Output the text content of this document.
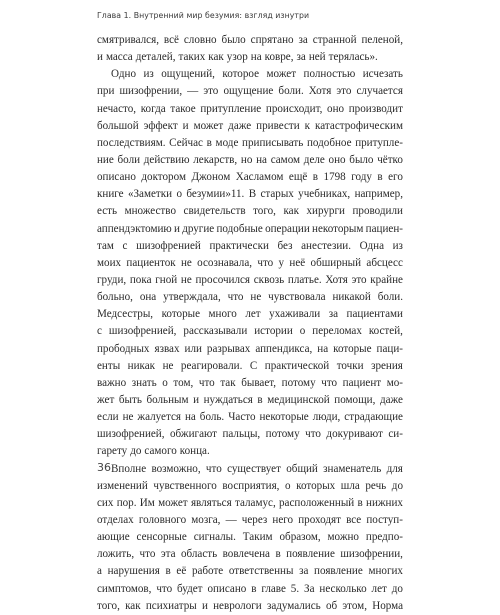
Глава 1. Внутренний мир безумия: взгляд изнутри
смятривался, всё словно было спрятано за странной пеленой,
и масса деталей, таких как узор на ковре, за ней терялась».
Одно из ощущений, которое может полностью исчезать
при шизофрении, — это ощущение боли. Хотя это случается
нечасто, когда такое притупление происходит, оно производит
большой эффект и может даже привести к катастрофическим
последствиям. Сейчас в моде приписывать подобное притупле-
ние боли действию лекарств, но на самом деле оно было чётко
описано доктором Джоном Хасламом ещё в 1798 году в его
книге «Заметки о безумии»11. В старых учебниках, например,
есть множество свидетельств того, как хирурги проводили
аппендэктомию и другие подобные операции некоторым пациен-
там с шизофренией практически без анестезии. Одна из
моих пациенток не осознавала, что у неё обширный абсцесс
груди, пока гной не просочился сквозь платье. Хотя это крайне
больно, она утверждала, что не чувствовала никакой боли.
Медсестры, которые много лет ухаживали за пациентами
с шизофренией, рассказывали истории о переломах костей,
прободных язвах или разрывах аппендикса, на которые паци-
енты никак не реагировали. С практической точки зрения
важно знать о том, что так бывает, потому что пациент мо-
жет быть больным и нуждаться в медицинской помощи, даже
если не жалуется на боль. Часто некоторые люди, страдающие
шизофренией, обжигают пальцы, потому что докуривают си-
гарету до самого конца.
Вполне возможно, что существует общий знаменатель для
изменений чувственного восприятия, о которых шла речь до
сих пор. Им может являться таламус, расположенный в нижних
отделах головного мозга, — через него проходят все поступ-
ающие сенсорные сигналы. Таким образом, можно предпо-
ложить, что эта область вовлечена в появление шизофрении,
а нарушения в её работе ответственны за появление многих
симптомов, что будет описано в главе 5. За несколько лет до
того, как психиатры и неврологи задумались об этом, Норма
36
